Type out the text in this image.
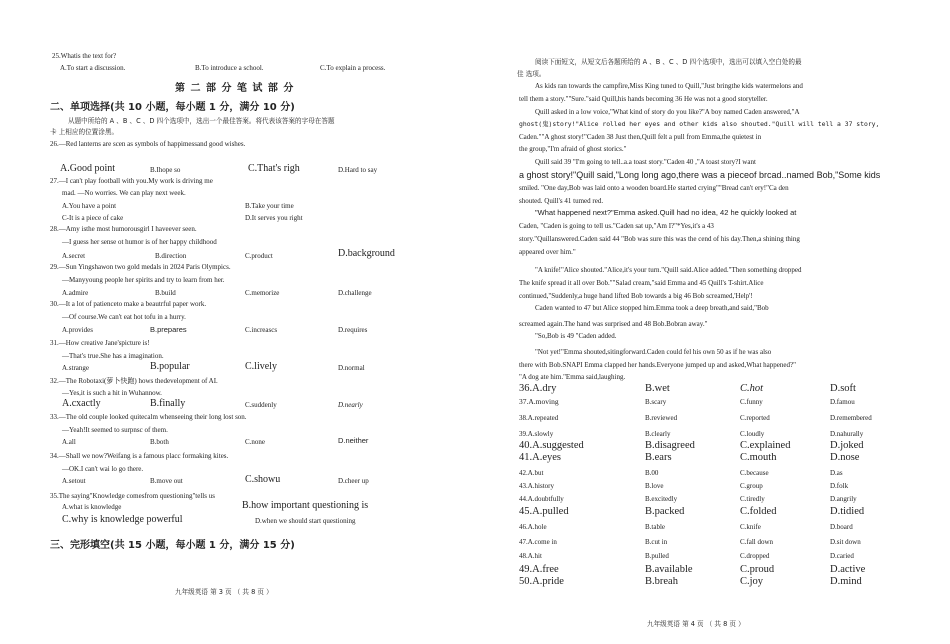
25.Whatis the text for?
A.To start a discussion.	B.To introduce a school.	C.To explain a process.
第 二 部 分 笔 试 部 分
二、单项选择(共 10 小题，每小题 1 分，满分 10 分)
从题中所给的 A 、B 、C 、D 四个选项中，选出一个最佳答案。将代表该答案的字母在答题
卡 上相应的位置涂黑。
26.—Red lanterns are scen as symbols of happimessand good wishes.
A.Good point	B.Ihope so	C.That's righ	D.Hard to say
27.—I can't play football with you.My work is driving me
mad. —No worries. We can play next week.
A.You have a point	B.Take your time
C-It is a piece of cake	D.It serves you right
28.—Amy isthe most humorousgirl I haveever seen.
—I guess her sense ot humor is of her happy childhood
A.secret	B.direction	C.product	D.background
29.—Sun Yingshawon two gold medals in 2024 Paris Olympics.
—Manyyoung people her spirits and try to learn from her.
A.admire	B.build	C.memorize	D.challenge
30.—It a lot of patienceto make a beautrful paper work.
—Of course.We can't eat hot tofu in a hurry.
A.provides	B.prepares	C.increascs	D.requires
31.—How creative Jane'spicture is!
—That's true.She has a imagination.
A.strange	B.popular	C.lively	D.normal
32.—The Robotaxi(萝卜快跑) hows thedevelopment of AI.
—Yes,it is such a hit in Wuhannow.
A.cxactly	B.finally	C.suddenly	D.nearly
33.—The old couple looked quitecalm whenseeing their long lost son.
—Yeah!It seemed to surpnsc of them.
A.all	B.both	C.none	D.neither
34.—Shall we now?Weifang is a famous placc formaking kites.
—OK.I can't wai lo go there.
A.setout	B.move out	C.showu	D.cheer up
35.The saying"Knowledge comesfrom questioning"tells us
A.what is knowledge	B.how important questioning is
C.why is knowledge powerful	D.when we should start questioning
三、完形填空(共 15 小题，每小题 1 分，满分 15 分)
九年级英语 第 3 页 （ 共 8 页 ）
阅读下面短文，从短文后各题所给的 A 、B 、C 、D 四个选项中，选出可以填入空白处的最
佳 选项。
As kids ran towards the campfire,Miss King tuned to Quill,"Just bringthe kids watermelons and
tell them a story.""Sure."said Quill,his hands becoming 36 He was not a good storyteller.
Quill asked in a low voice,"What kind of story do you like?"A boy named Caden answered,"A
ghost(鬼)story!"Alice rolled her eyes and other kids also shouted."Quill will tell a 37 story,
Caden.""A ghost story!"Caden 38 Just then,Quill felt a pull from Emma,the quietest in
the group,"I'm afraid of ghost storics."
Quill said 39 "I'm going to tell..a.a toast story."Caden 40 ,"A toast story?I want
a ghost story!"Quill said,"Long long ago,there was a pieceof brcad..named Bob,"Some kids
smiled. "One day,Bob was laid onto a wooden board.He started crying""Bread can't ery!"Ca den
shouted. Quill's 41 tumed red.
"What happened next?"Emma asked.Quill had no idea, 42 he quickly looked at
Caden, "Caden is going to tell us."Caden sat up,"Am I?"*Yes,it's a 43
story."Quillanswered.Caden said 44 "Bob was sure this was the cend of his day.Then,a shining thing
appeared over him."
"A knife!"Alice shouted."Alice,it's your turn."Quill said.Alice added."Then something dropped
The knife spread it all over Bob.""Salad cream,"said Emma and 45 Quill's T-shirt.Alice
continued,"Suddenly,a huge hand lifted Bob towards a big 46 Bob screamed,'Help'!
Caden wanted to 47 but Alice stopped him.Emma took a deep breath,and said,"Bob
screamed again.The hand was surprised and 48 Bob.Bobran away."
"So,Bob is 49 "Caden added.
"Not yet!"Emma shouted,sitingforward.Caden could fel his own 50 as if he was also
there with Bob.SNAPI Emma clapped her hands.Everyone jumped up and asked,What happened?"
"A dog ate him."Emma said,laughing.
36.A.dry	B.wet	C.hot	D.soft
37.A.moving	B.scary	C.funny	D.famou
38.A.repeated	B.reviewed	C.reported	D.remembered
39.A.slowly	B.clearly	C.loudly	D.nahurally
40.A.suggested	B.disagreed	C.explained	D.joked
41.A.eyes	B.ears	C.mouth	D.nose
42.A.but	B.00	C.because	D.as
43.A.history	B.love	C.group	D.folk
44.A.doubtfully	B.excitedly	C.tiredly	D.angrily
45.A.pulled	B.packed	C.folded	D.tidied
46.A.hole	B.table	C.knife	D.board
47.A.come in	B.cut in	C.fall down	D.sit down
48.A.hit	B.pulled	C.dropped	D.caried
49.A.free	B.available	C.proud	D.active
50.A.pride	B.breah	C.joy	D.mind
九年级英语 第 4 页 （ 共 8 页 ）
